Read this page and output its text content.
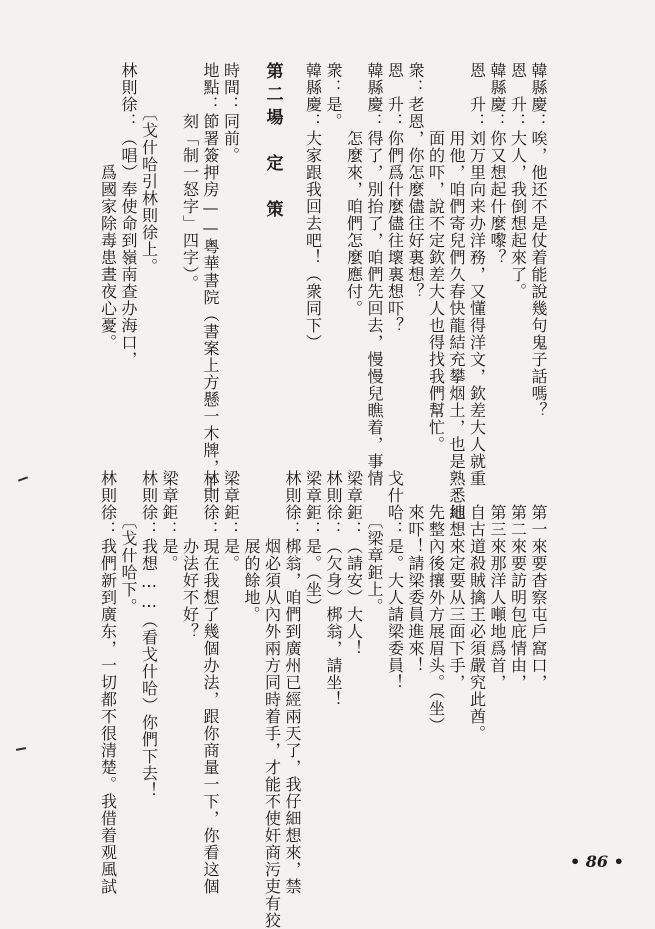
韓縣慶：唉，他还不是仗着能說幾句鬼子話嗎？
恩　升：大人，我倒想起來了。
韓縣慶：你又想起什麼嚟？
恩　升：刘万里向来办洋務，又懂得洋文，欽差大人就重
　　　　用他，咱們寄兒們久春快龍結充攀烟土，也是熟悉地
　　　　面的吓，說不定欽差大人也得找我們幫忙。
衆：老恩，你怎麼儘往好裏想？
恩　升：你們爲什麼儘往壞裏想吓？
韓縣慶：得了，別抬了，咱們先回去，慢慢兒瞧着，事情
　　　　怎麼來，咱們怎麼應付。
衆：是。
韓縣慶：大家跟我回去吧！（衆同下）
第二場　定　策
時間：同前。
地點：節署簽押房——粵華書院（書案上方懸一木牌，上
　　　刻「制一怒字」四字）。
　　　〔戈什哈引林則徐上。
林則徐：（唱）奉使命到嶺南查办海口，
　　　　　　爲國家除毒患晝夜心憂。
　　第一來要杳察屯戶窩口，
　　第二來要訪明包庇情由，
　　第三來那洋人噸地爲首，
　　自古道殺賊擒王必須嚴究此酋。
　　細想來定要从三面下手，
　　先整內後攘外方展眉头。（坐）
　　來吓！請梁委員進來！
戈什哈：是。大人請梁委員！
　　　〔梁章鉅上。
梁章鉅：（請安）大人！
林則徐：（欠身）梆翁，請坐！
梁章鉅：是。（坐）
林則徐：梆翁，咱們到廣州已經兩天了，我仔細想來，禁
　　　　烟必須从內外兩方同時着手，才能不使奸商污吏有狡
　　　　展的餘地。
梁章鉅：是。
林則徐：現在我想了幾個办法，跟你商量一下，你看这個
　　　　办法好不好？
梁章鉅：是。
林則徐：我想……（看戈什哈）你們下去！
　　　〔戈什哈下。
林則徐：我們新到廣东，一切都不很清楚。我借着观風試	• 86 •
